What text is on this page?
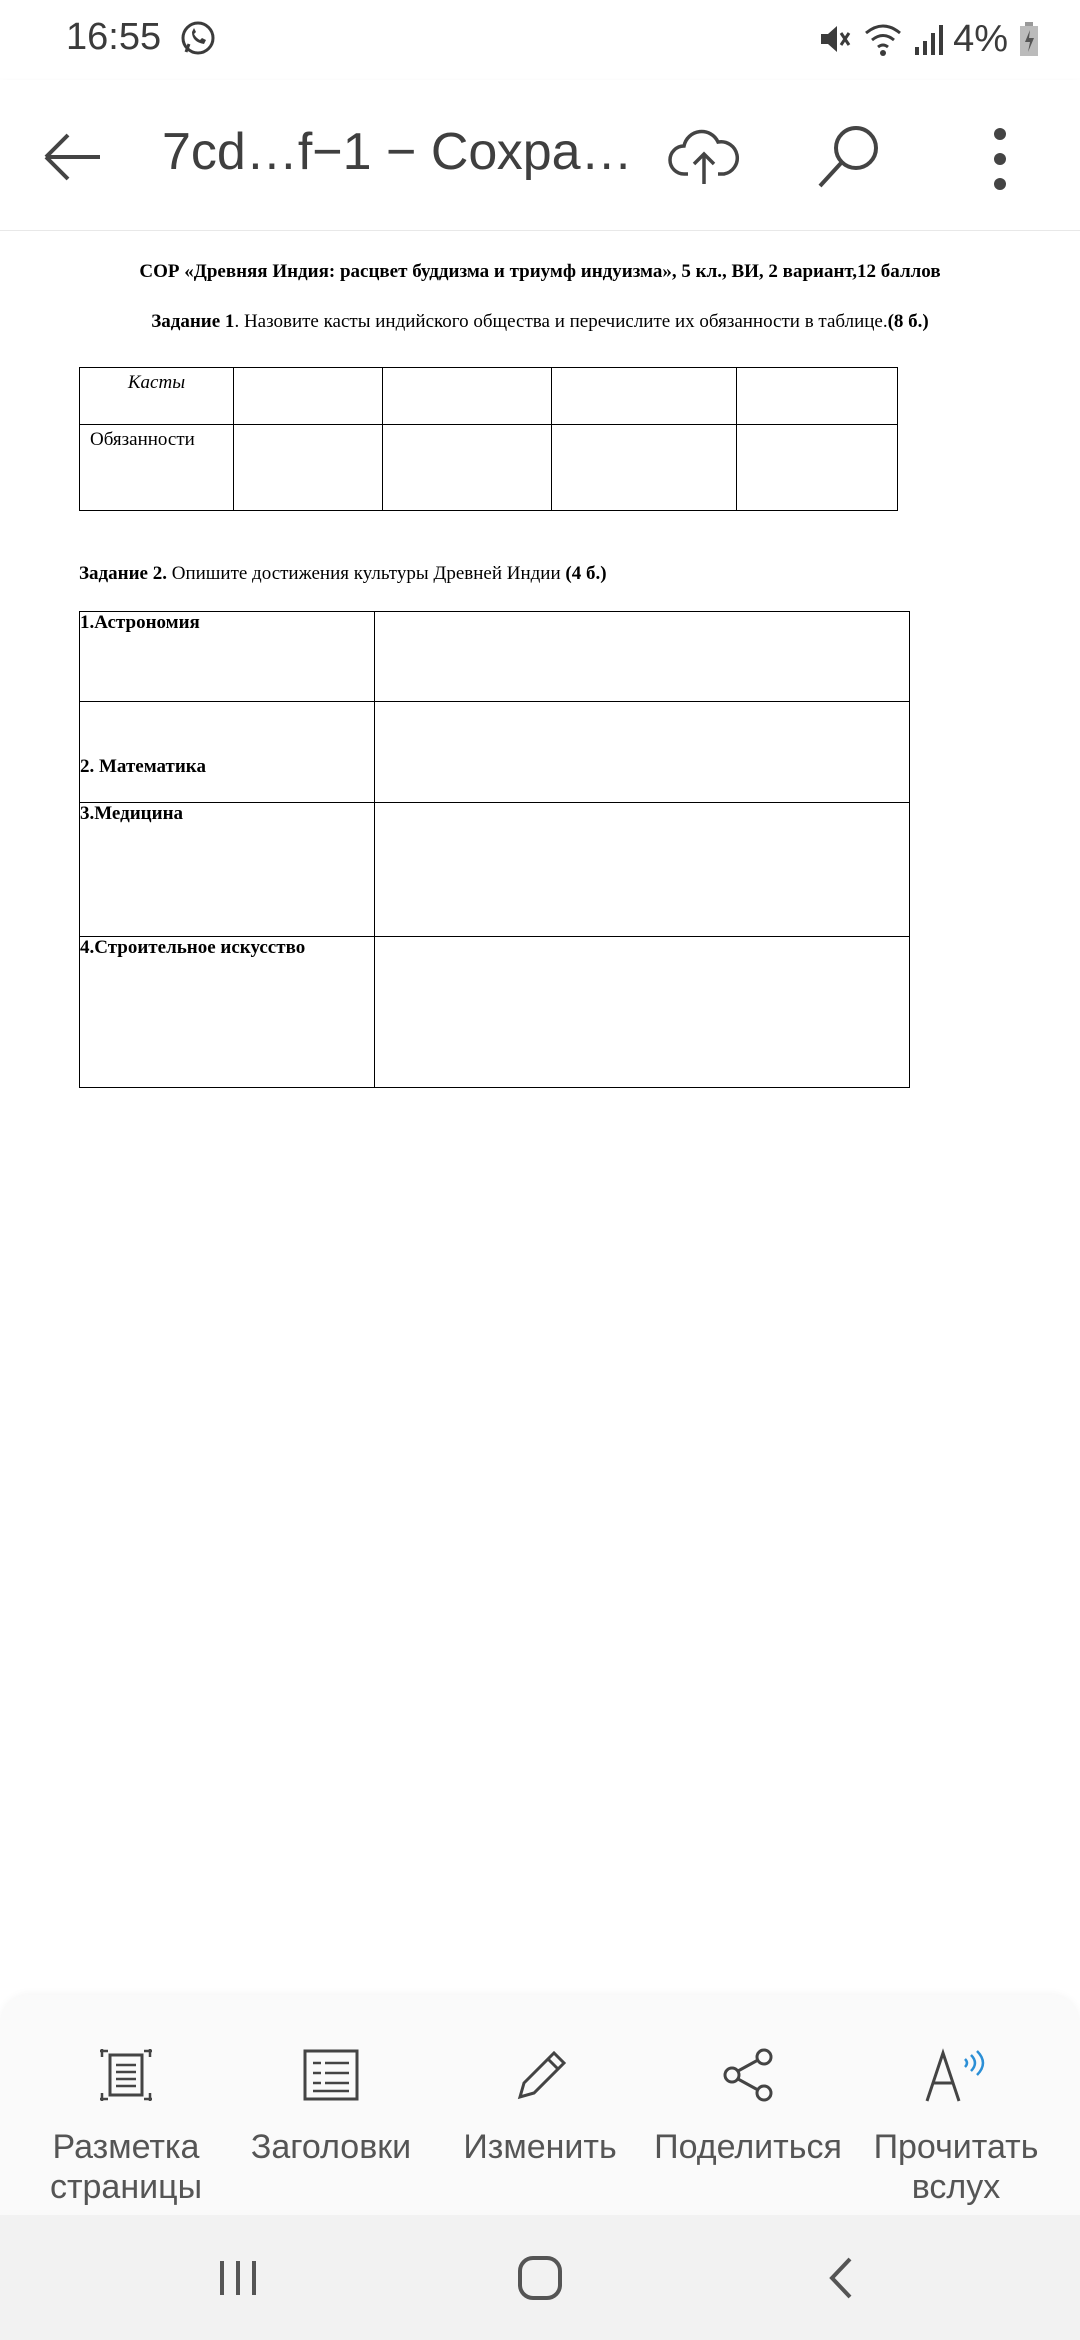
16:55	4%
7cd…f−1 − Сохра…
СОР «Древняя Индия: расцвет буддизма и триумф индуизма», 5 кл., ВИ, 2 вариант,12 баллов
Задание 1. Назовите касты индийского общества и перечислите их обязанности в таблице.(8 б.)
Касты				
Обязанности				
Задание 2. Опишите достижения культуры Древней Индии (4 б.)
1.Астрономия	
2. Математика	
3.Медицина	
4.Строительное искусство	
Разметка страницы
Заголовки	Изменить	Поделиться Прочитать вслух
